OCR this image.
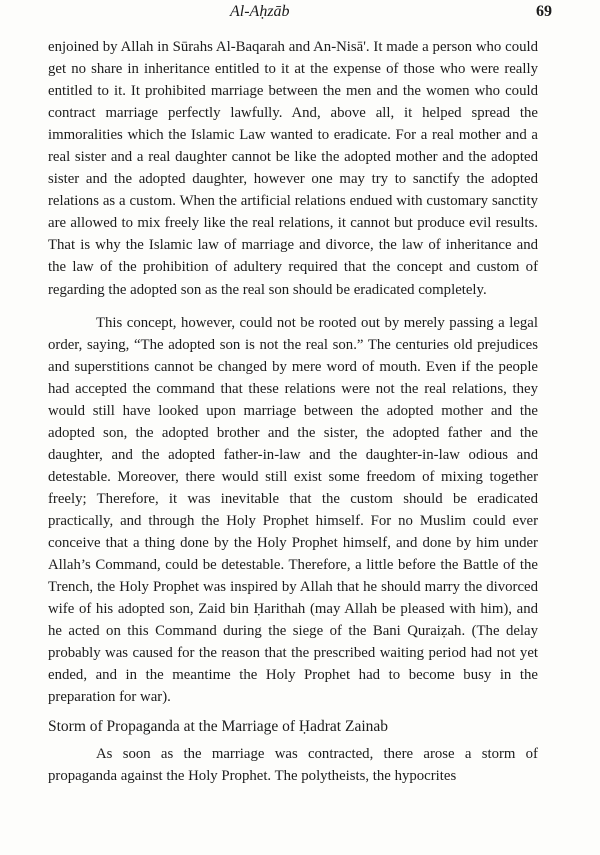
Al-Aḥzāb	69

enjoined by Allah in Sūrahs Al-Baqarah and An-Nisā'. It made a person who could get no share in inheritance entitled to it at the expense of those who were really entitled to it. It prohibited marriage between the men and the women who could contract marriage perfectly lawfully. And, above all, it helped spread the immoralities which the Islamic Law wanted to eradicate. For a real mother and a real sister and a real daughter cannot be like the adopted mother and the adopted sister and the adopted daughter, however one may try to sanctify the adopted relations as a custom. When the artificial relations endued with customary sanctity are allowed to mix freely like the real relations, it cannot but produce evil results. That is why the Islamic law of marriage and divorce, the law of inheritance and the law of the prohibition of adultery required that the concept and custom of regarding the adopted son as the real son should be eradicated completely.

This concept, however, could not be rooted out by merely passing a legal order, saying, “The adopted son is not the real son.” The centuries old prejudices and superstitions cannot be changed by mere word of mouth. Even if the people had accepted the command that these relations were not the real relations, they would still have looked upon marriage between the adopted mother and the adopted son, the adopted brother and the sister, the adopted father and the daughter, and the adopted father-in-law and the daughter-in-law odious and detestable. Moreover, there would still exist some freedom of mixing together freely; Therefore, it was inevitable that the custom should be eradicated practically, and through the Holy Prophet himself. For no Muslim could ever conceive that a thing done by the Holy Prophet himself, and done by him under Allah’s Command, could be detestable. Therefore, a little before the Battle of the Trench, the Holy Prophet was inspired by Allah that he should marry the divorced wife of his adopted son, Zaid bin Ḥarithah (may Allah be pleased with him), and he acted on this Command during the siege of the Bani Quraiẓah. (The delay probably was caused for the reason that the prescribed waiting period had not yet ended, and in the meantime the Holy Prophet had to become busy in the preparation for war).

Storm of Propaganda at the Marriage of Ḥadrat Zainab

As soon as the marriage was contracted, there arose a storm of propaganda against the Holy Prophet. The polytheists, the hypocrites
